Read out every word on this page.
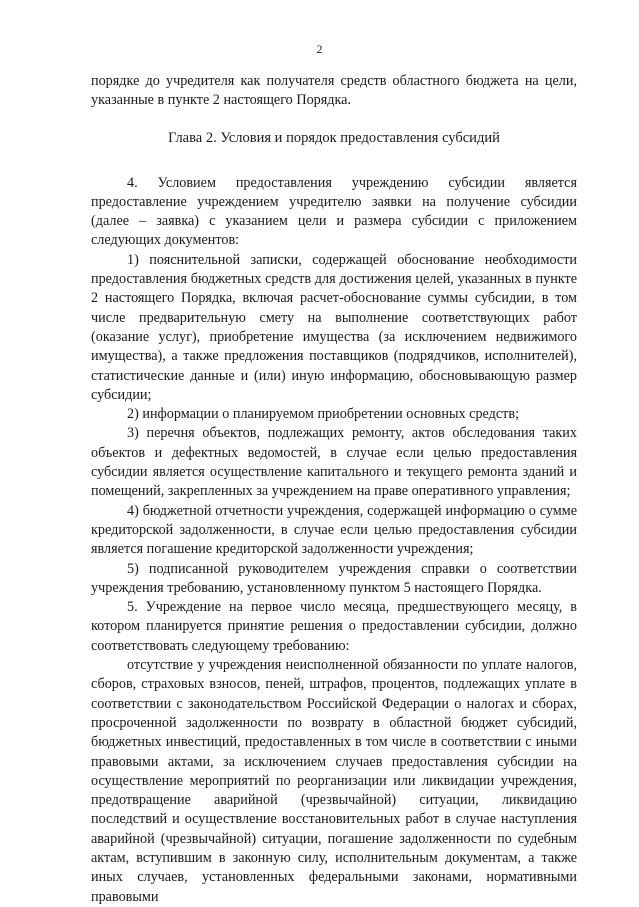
2

порядке до учредителя как получателя средств областного бюджета на цели, указанные в пункте 2 настоящего Порядка.

Глава 2. Условия и порядок предоставления субсидий

4. Условием предоставления учреждению субсидии является предоставление учреждением учредителю заявки на получение субсидии (далее – заявка) с указанием цели и размера субсидии с приложением следующих документов:

1) пояснительной записки, содержащей обоснование необходимости предоставления бюджетных средств для достижения целей, указанных в пункте 2 настоящего Порядка, включая расчет-обоснование суммы субсидии, в том числе предварительную смету на выполнение соответствующих работ (оказание услуг), приобретение имущества (за исключением недвижимого имущества), а также предложения поставщиков (подрядчиков, исполнителей), статистические данные и (или) иную информацию, обосновывающую размер субсидии;

2) информации о планируемом приобретении основных средств;

3) перечня объектов, подлежащих ремонту, актов обследования таких объектов и дефектных ведомостей, в случае если целью предоставления субсидии является осуществление капитального и текущего ремонта зданий и помещений, закрепленных за учреждением на праве оперативного управления;

4) бюджетной отчетности учреждения, содержащей информацию о сумме кредиторской задолженности, в случае если целью предоставления субсидии является погашение кредиторской задолженности учреждения;

5) подписанной руководителем учреждения справки о соответствии учреждения требованию, установленному пунктом 5 настоящего Порядка.

5. Учреждение на первое число месяца, предшествующего месяцу, в котором планируется принятие решения о предоставлении субсидии, должно соответствовать следующему требованию:

отсутствие у учреждения неисполненной обязанности по уплате налогов, сборов, страховых взносов, пеней, штрафов, процентов, подлежащих уплате в соответствии с законодательством Российской Федерации о налогах и сборах, просроченной задолженности по возврату в областной бюджет субсидий, бюджетных инвестиций, предоставленных в том числе в соответствии с иными правовыми актами, за исключением случаев предоставления субсидии на осуществление мероприятий по реорганизации или ликвидации учреждения, предотвращение аварийной (чрезвычайной) ситуации, ликвидацию последствий и осуществление восстановительных работ в случае наступления аварийной (чрезвычайной) ситуации, погашение задолженности по судебным актам, вступившим в законную силу, исполнительным документам, а также иных случаев, установленных федеральными законами, нормативными правовыми
